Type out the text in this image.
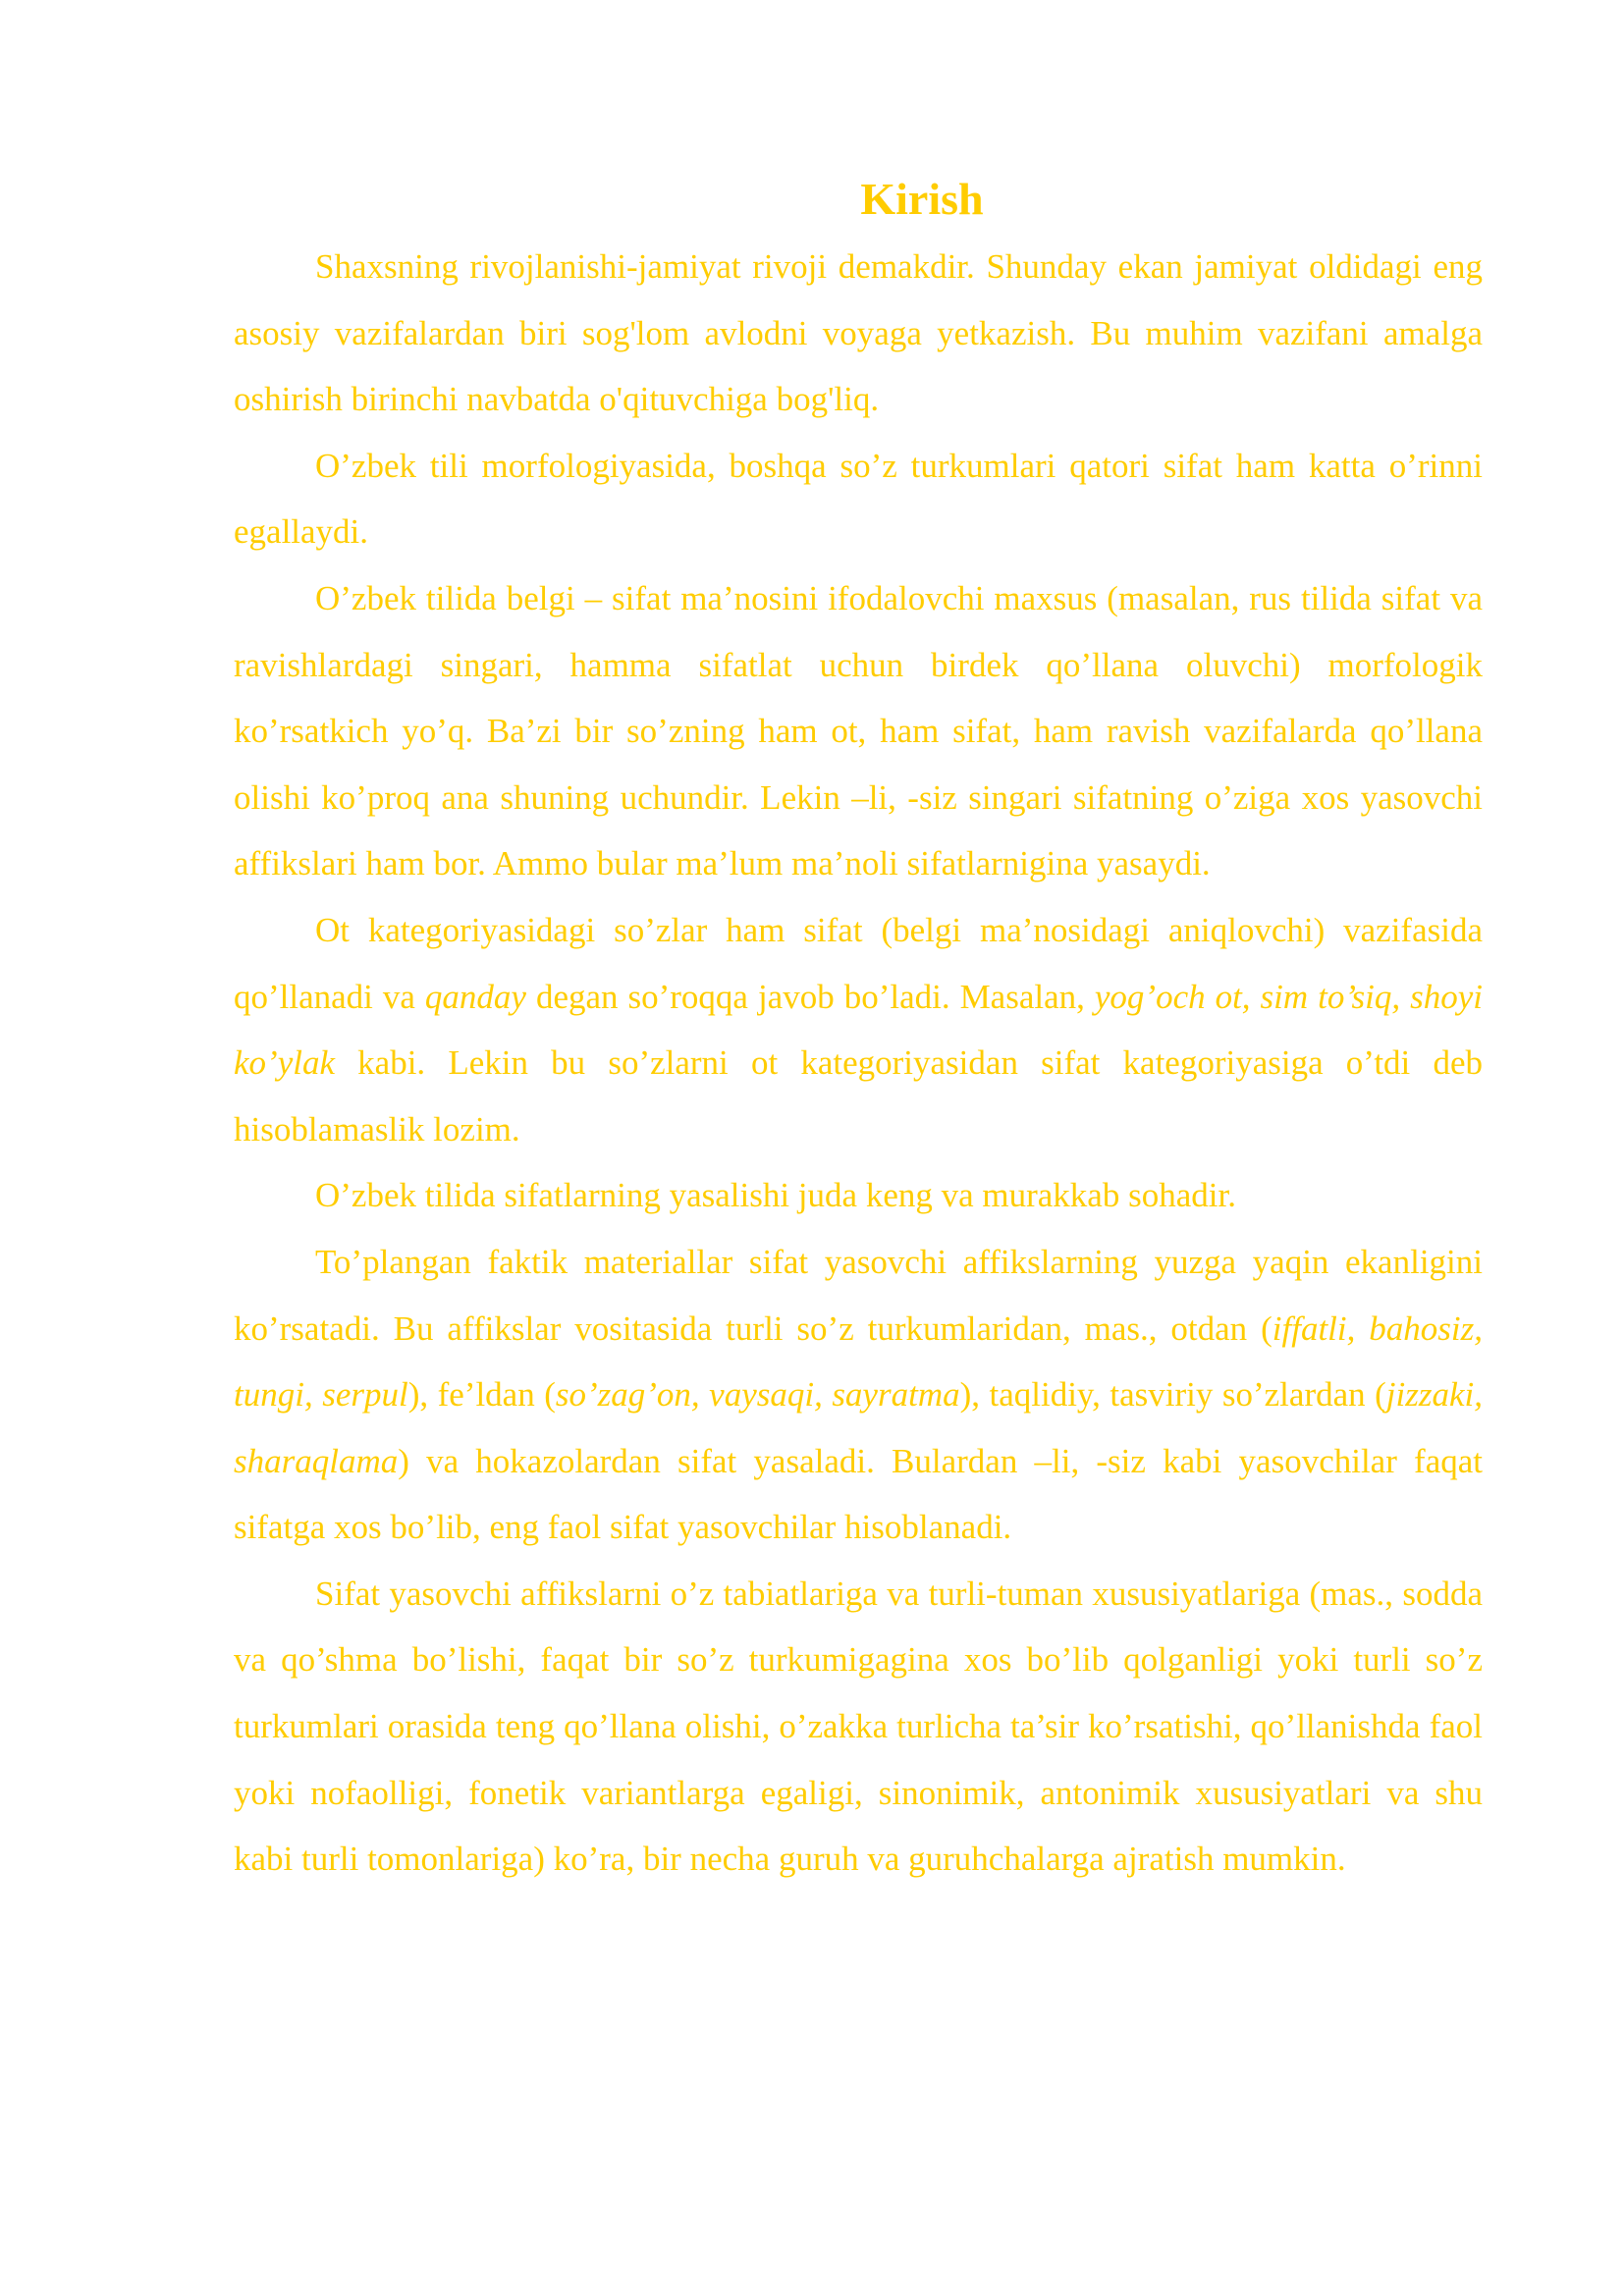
Kirish

Shaxsning rivojlanishi-jamiyat rivoji demakdir. Shunday ekan jamiyat oldidagi eng asosiy vazifalardan biri sog'lom avlodni voyaga yetkazish. Bu muhim vazifani amalga oshirish birinchi navbatda o'qituvchiga bog'liq.

O’zbek tili morfologiyasida, boshqa so’z turkumlari qatori sifat ham katta o’rinni egallaydi.

O’zbek tilida belgi – sifat ma’nosini ifodalovchi maxsus (masalan, rus tilida sifat va ravishlardagi singari, hamma sifatlat uchun birdek qo’llana oluvchi) morfologik ko’rsatkich yo’q. Ba’zi bir so’zning ham ot, ham sifat, ham ravish vazifalarda qo’llana olishi ko’proq ana shuning uchundir. Lekin –li, -siz singari sifatning o’ziga xos yasovchi affikslari ham bor. Ammo bular ma’lum ma’noli sifatlarnigina yasaydi.

Ot kategoriyasidagi so’zlar ham sifat (belgi ma’nosidagi aniqlovchi) vazifasida qo’llanadi va qanday degan so’roqqa javob bo’ladi. Masalan, yog’och ot, sim to’siq, shoyi ko’ylak kabi. Lekin bu so’zlarni ot kategoriyasidan sifat kategoriyasiga o’tdi deb hisoblamaslik lozim.

O’zbek tilida sifatlarning yasalishi juda keng va murakkab sohadir.

To’plangan faktik materiallar sifat yasovchi affikslarning yuzga yaqin ekanligini ko’rsatadi. Bu affikslar vositasida turli so’z turkumlaridan, mas., otdan (iffatli, bahosiz, tungi, serpul), fe’ldan (so’zag’on, vaysaqi, sayratma), taqlidiy, tasviriy so’zlardan (jizzaki, sharaqlama) va hokazolardan sifat yasaladi. Bulardan –li, -siz kabi yasovchilar faqat sifatga xos bo’lib, eng faol sifat yasovchilar hisoblanadi.

Sifat yasovchi affikslarni o’z tabiatlariga va turli-tuman xususiyatlariga (mas., sodda va qo’shma bo’lishi, faqat bir so’z turkumigagina xos bo’lib qolganligi yoki turli so’z turkumlari orasida teng qo’llana olishi, o’zakka turlicha ta’sir ko’rsatishi, qo’llanishda faol yoki nofaolligi, fonetik variantlarga egaligi, sinonimik, antonimik xususiyatlari va shu kabi turli tomonlariga) ko’ra, bir necha guruh va guruhchalarga ajratish mumkin.
